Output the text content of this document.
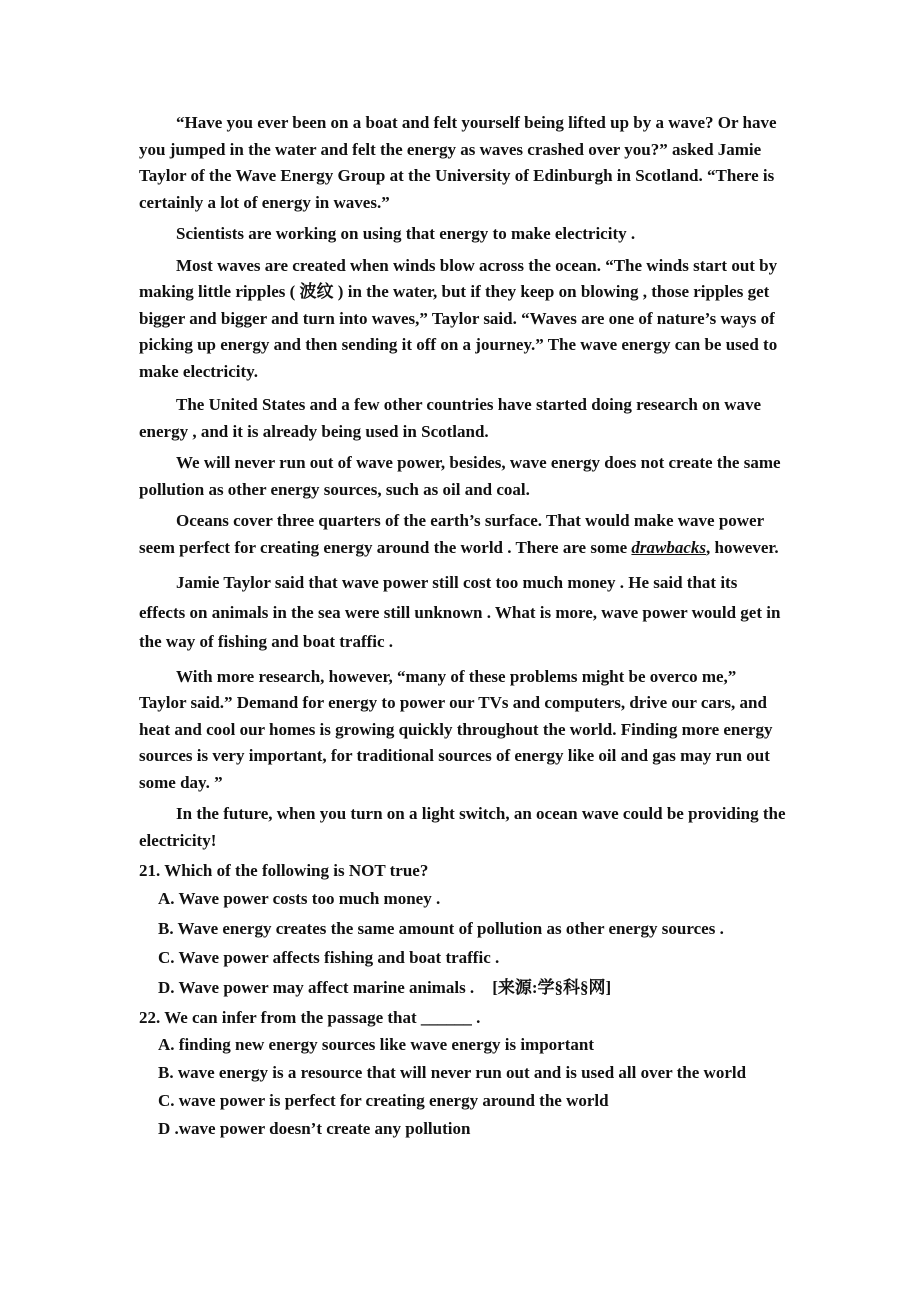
“Have you ever been on a boat and felt yourself being lifted up by a wave? Or have you jumped in the water and felt the energy as waves crashed over you?” asked Jamie Taylor of the Wave Energy Group at the University of Edinburgh in Scotland. “There is certainly a lot of energy in waves.”

Scientists are working on using that energy to make electricity .

Most waves are created when winds blow across the ocean. “The winds start out by making little ripples ( 波纹 ) in the water, but if they keep on blowing , those ripples get bigger and bigger and turn into waves,” Taylor said. “Waves are one of nature’s ways of picking up energy and then sending it off on a journey.” The wave energy can be used to make electricity.

The United States and a few other countries have started doing research on wave energy , and it is already being used in Scotland.

We will never run out of wave power, besides, wave energy does not create the same pollution as other energy sources, such as oil and coal.

Oceans cover three quarters of the earth’s surface. That would make wave power seem perfect for creating energy around the world . There are some drawbacks, however.

Jamie Taylor said that wave power still cost too much money . He said that its effects on animals in the sea were still unknown . What is more, wave power would get in the way of fishing and boat traffic .

With more research, however, “many of these problems might be overco me,” Taylor said.” Demand for energy to power our TVs and computers, drive our cars, and heat and cool our homes is growing quickly throughout the world. Finding more energy sources is very important, for traditional sources of energy like oil and gas may run out some day. ”

In the future, when you turn on a light switch, an ocean wave could be providing the electricity!

21. Which of the following is NOT true?

A. Wave power costs too much money .

B. Wave energy creates the same amount of pollution as other energy sources .

C. Wave power affects fishing and boat traffic .

D. Wave power may affect marine animals . [来源:学§科§网]

22. We can infer from the passage that ______ .

A. finding new energy sources like wave energy is important

B. wave energy is a resource that will never run out and is used all over the world

C. wave power is perfect for creating energy around the world

D .wave power doesn’t create any pollution
